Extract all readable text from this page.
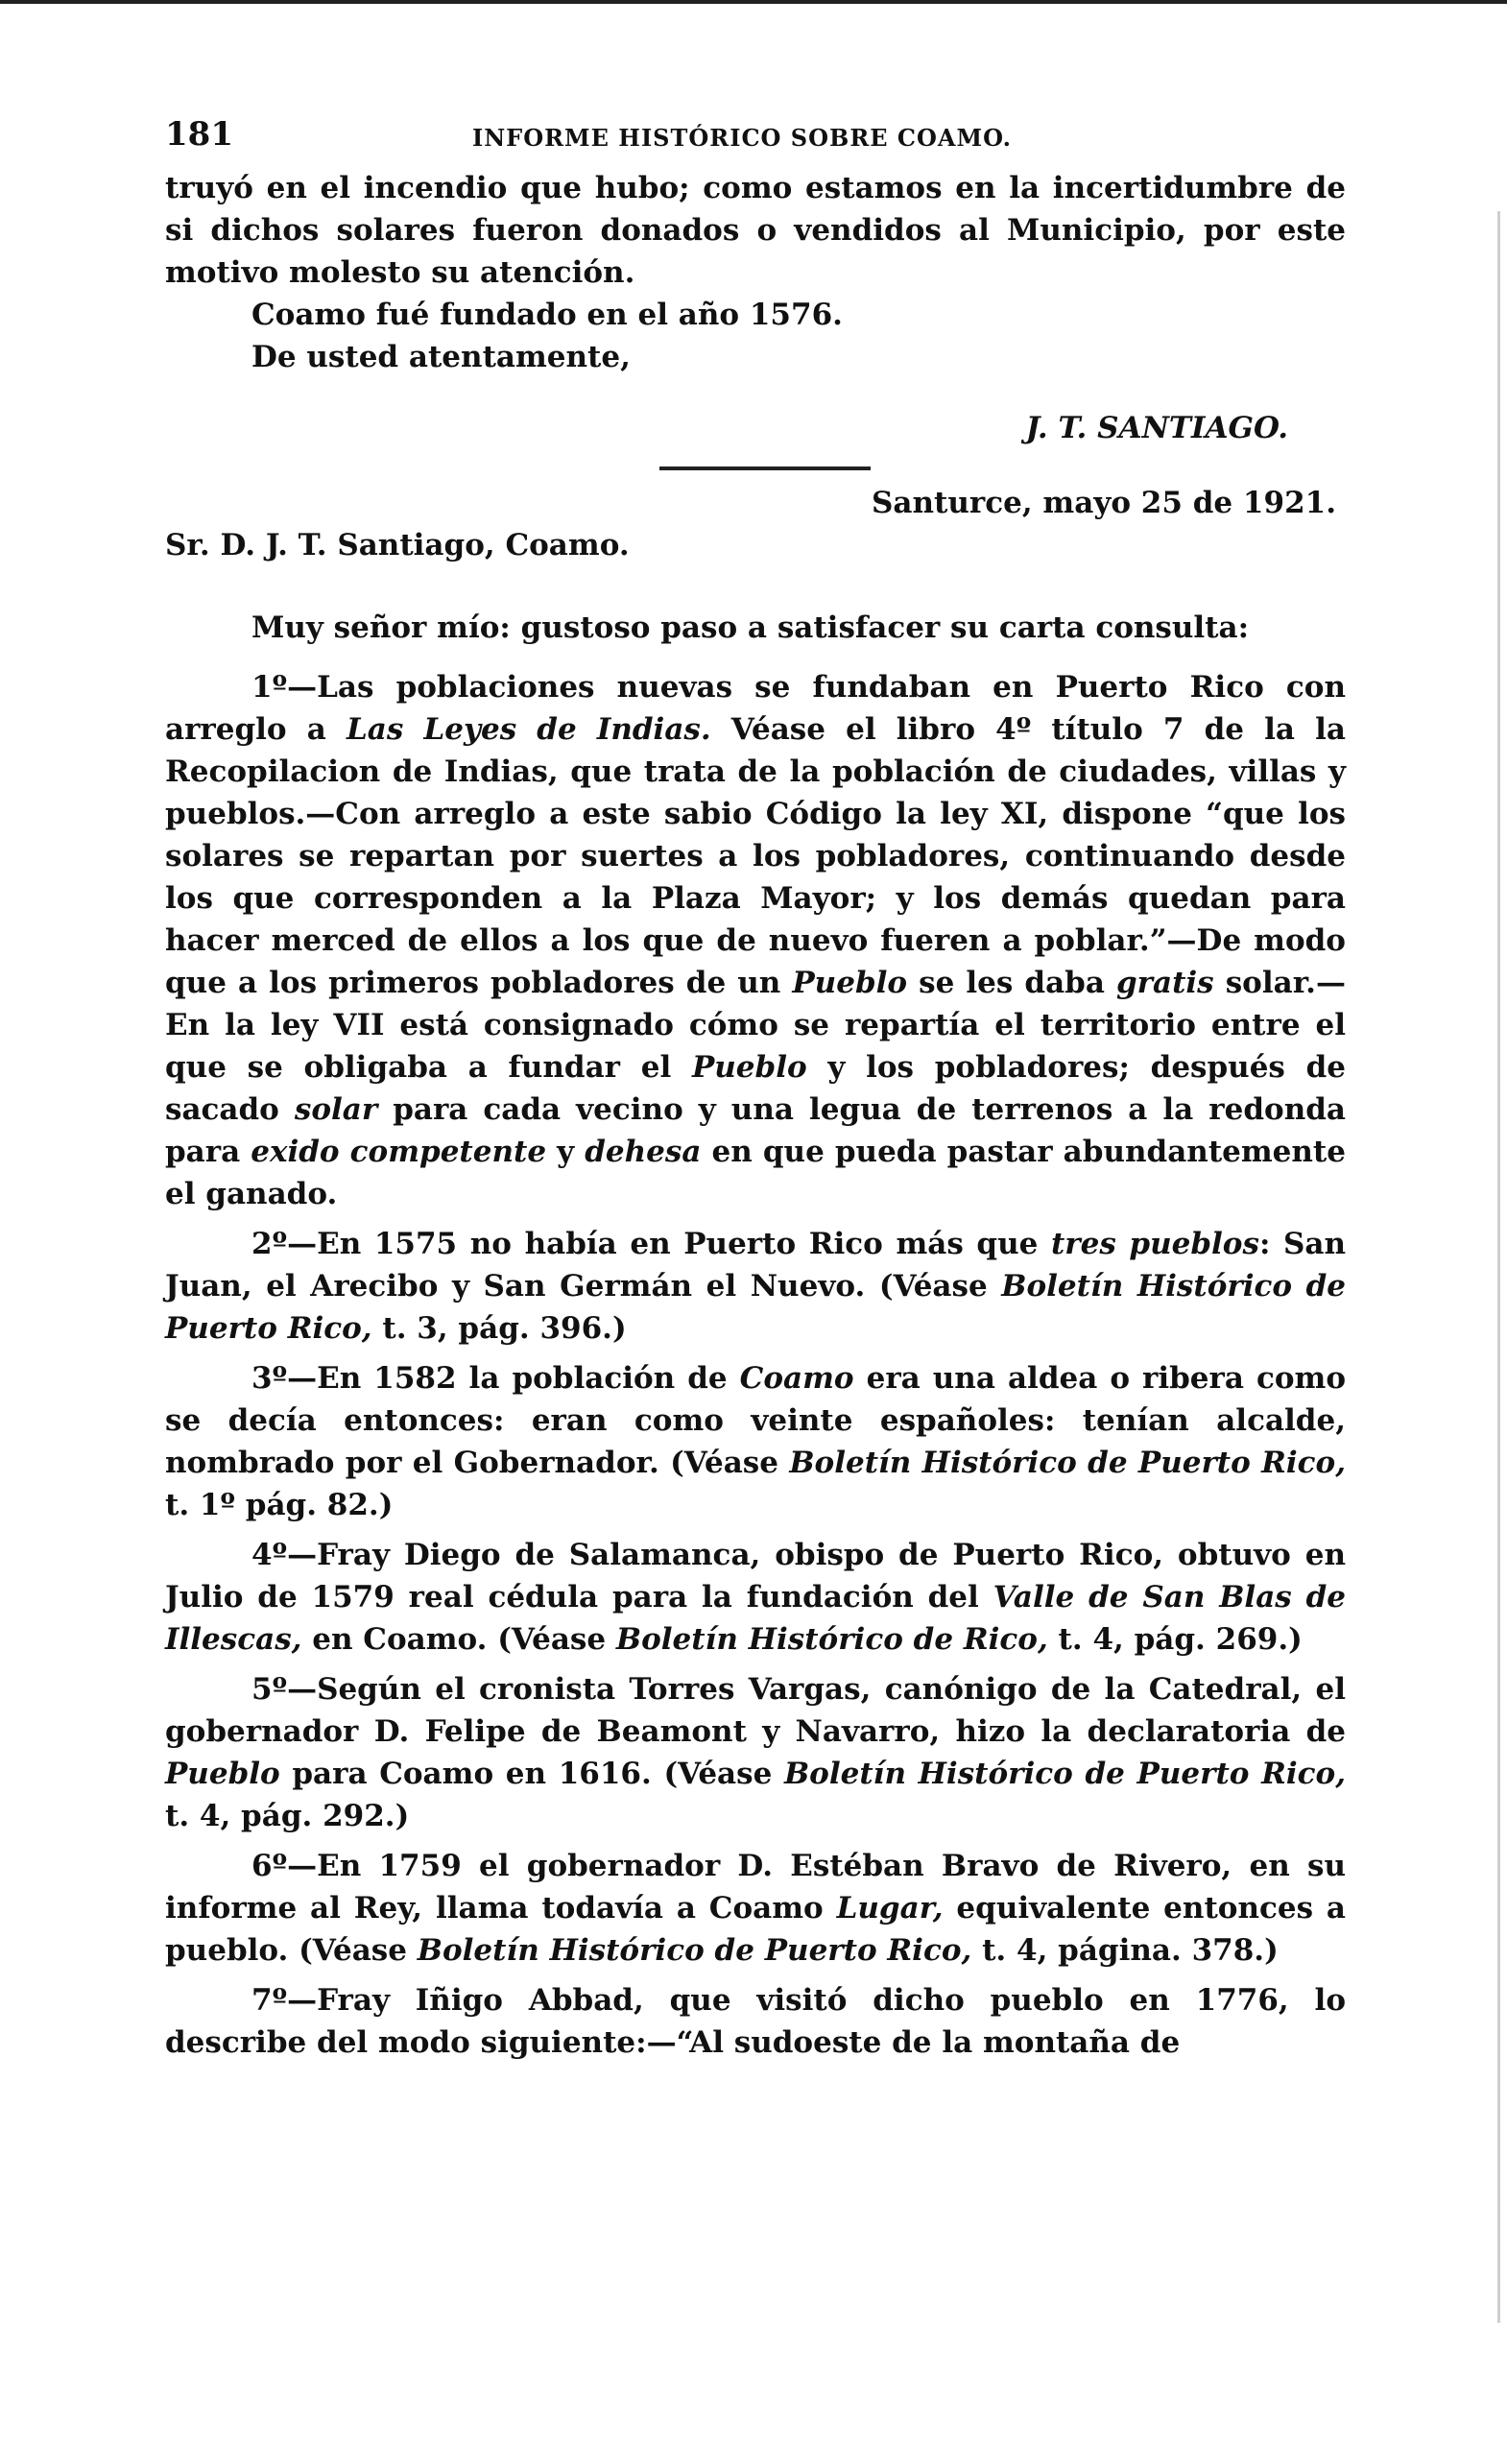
181	INFORME HISTÓRICO SOBRE COAMO.

truyó en el incendio que hubo; como estamos en la incertidumbre de si dichos solares fueron donados o vendidos al Municipio, por este motivo molesto su atención.

Coamo fué fundado en el año 1576.

De usted atentamente,

J. T. SANTIAGO.

Santurce, mayo 25 de 1921.

Sr. D. J. T. Santiago, Coamo.

Muy señor mío: gustoso paso a satisfacer su carta consulta:

1º—Las poblaciones nuevas se fundaban en Puerto Rico con arreglo a Las Leyes de Indias. Véase el libro 4º título 7 de la la Recopilacion de Indias, que trata de la población de ciudades, villas y pueblos.—Con arreglo a este sabio Código la ley XI, dispone “que los solares se repartan por suertes a los pobladores, continuando desde los que corresponden a la Plaza Mayor; y los demás quedan para hacer merced de ellos a los que de nuevo fueren a poblar.”—De modo que a los primeros pobladores de un Pueblo se les daba gratis solar.—En la ley VII está consignado cómo se repartía el territorio entre el que se obligaba a fundar el Pueblo y los pobladores; después de sacado solar para cada vecino y una legua de terrenos a la redonda para exido competente y dehesa en que pueda pastar abundantemente el ganado.

2º—En 1575 no había en Puerto Rico más que tres pueblos: San Juan, el Arecibo y San Germán el Nuevo. (Véase Boletín Histórico de Puerto Rico, t. 3, pág. 396.)

3º—En 1582 la población de Coamo era una aldea o ribera como se decía entonces: eran como veinte españoles: tenían alcalde, nombrado por el Gobernador. (Véase Boletín Histórico de Puerto Rico, t. 1º pág. 82.)

4º—Fray Diego de Salamanca, obispo de Puerto Rico, obtuvo en Julio de 1579 real cédula para la fundación del Valle de San Blas de Illescas, en Coamo. (Véase Boletín Histórico de Rico, t. 4, pág. 269.)

5º—Según el cronista Torres Vargas, canónigo de la Catedral, el gobernador D. Felipe de Beamont y Navarro, hizo la declaratoria de Pueblo para Coamo en 1616. (Véase Boletín Histórico de Puerto Rico, t. 4, pág. 292.)

6º—En 1759 el gobernador D. Estéban Bravo de Rivero, en su informe al Rey, llama todavía a Coamo Lugar, equivalente entonces a pueblo. (Véase Boletín Histórico de Puerto Rico, t. 4, página. 378.)

7º—Fray Iñigo Abbad, que visitó dicho pueblo en 1776, lo describe del modo siguiente:—“Al sudoeste de la montaña de
